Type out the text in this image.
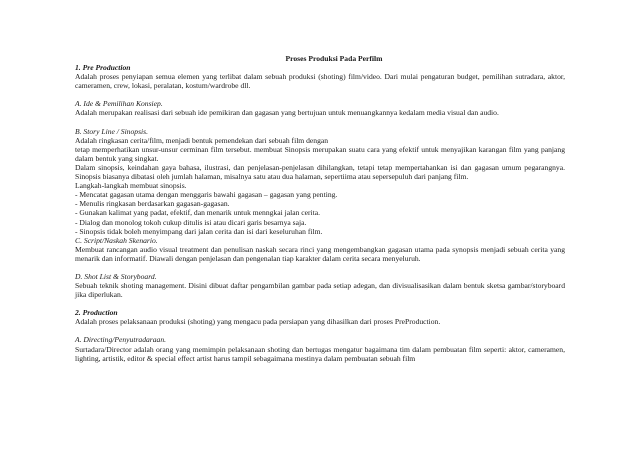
Proses Produksi Pada Perfilm
1. Pre Production
Adalah proses penyiapan semua elemen yang terlibat dalam sebuah produksi (shoting) film/video. Dari mulai pengaturan budget, pemilihan sutradara, aktor, cameramen, crew, lokasi, peralatan, kostum/wardrobe dll.
A. Ide & Pemilihan Konsiep.
Adalah merupakan realisasi dari sebuah ide pemikiran dan gagasan yang bertujuan untuk menuangkannya kedalam media visual dan audio.
B. Story Line / Sinopsis.
Adalah ringkasan cerita/film, menjadi bentuk pemendekan dari sebuah film dengan
tetap memperhatikan unsur-unsur cerminan film tersebut. membuat Sinopsis merupakan suatu cara yang efektif untuk menyajikan karangan film yang panjang dalam bentuk yang singkat.
Dalam sinopsis, keindahan gaya bahasa, ilustrasi, dan penjelasan-penjelasan dihilangkan, tetapi tetap mempertahankan isi dan gagasan umum pegarangnya. Sinopsis biasanya dibatasi oleh jumlah halaman, misalnya satu atau dua halaman, sepertiima atau sepersepuluh dari panjang film.
Langkah-langkah membuat sinopsis.
- Mencatat gagasan utama dengan menggaris bawahi gagasan – gagasan yang penting.
- Menulis ringkasan berdasarkan gagasan-gagasan.
- Gunakan kalimat yang padat, efektif, dan menarik untuk menngkai jalan cerita.
- Dialog dan monolog tokoh cukup ditulis isi atau dicari garis besarnya saja.
- Sinopsis tidak boleh menyimpang dari jalan cerita dan isi dari keseluruhan film.
C. Script/Naskah Skenario.
Membuat rancangan audio visual treatment dan penulisan naskah secara rinci yang mengembangkan gagasan utama pada synopsis menjadi sebuah cerita yang menarik dan informatif. Diawali dengan penjelasan dan pengenalan tiap karakter dalam cerita secara menyeluruh.
D. Shot List & Storyboard.
Sebuah teknik shoting management. Disini dibuat daftar pengambilan gambar pada setiap adegan, dan divisualisasikan dalam bentuk sketsa gambar/storyboard jika diperlukan.
2. Production
Adalah proses pelaksanaan produksi (shoting) yang mengacu pada persiapan yang dihasilkan dari proses PreProduction.
A. Directing/Penyutradaraan.
Surtadara/Director adalah orang yang memimpin pelaksanaan shoting dan bertugas mengatur bagaimana tim dalam pembuatan film seperti: aktor, cameramen, lighting, artistik, editor & special effect artist harus tampil sebagaimana mestinya dalam pembuatan sebuah film
